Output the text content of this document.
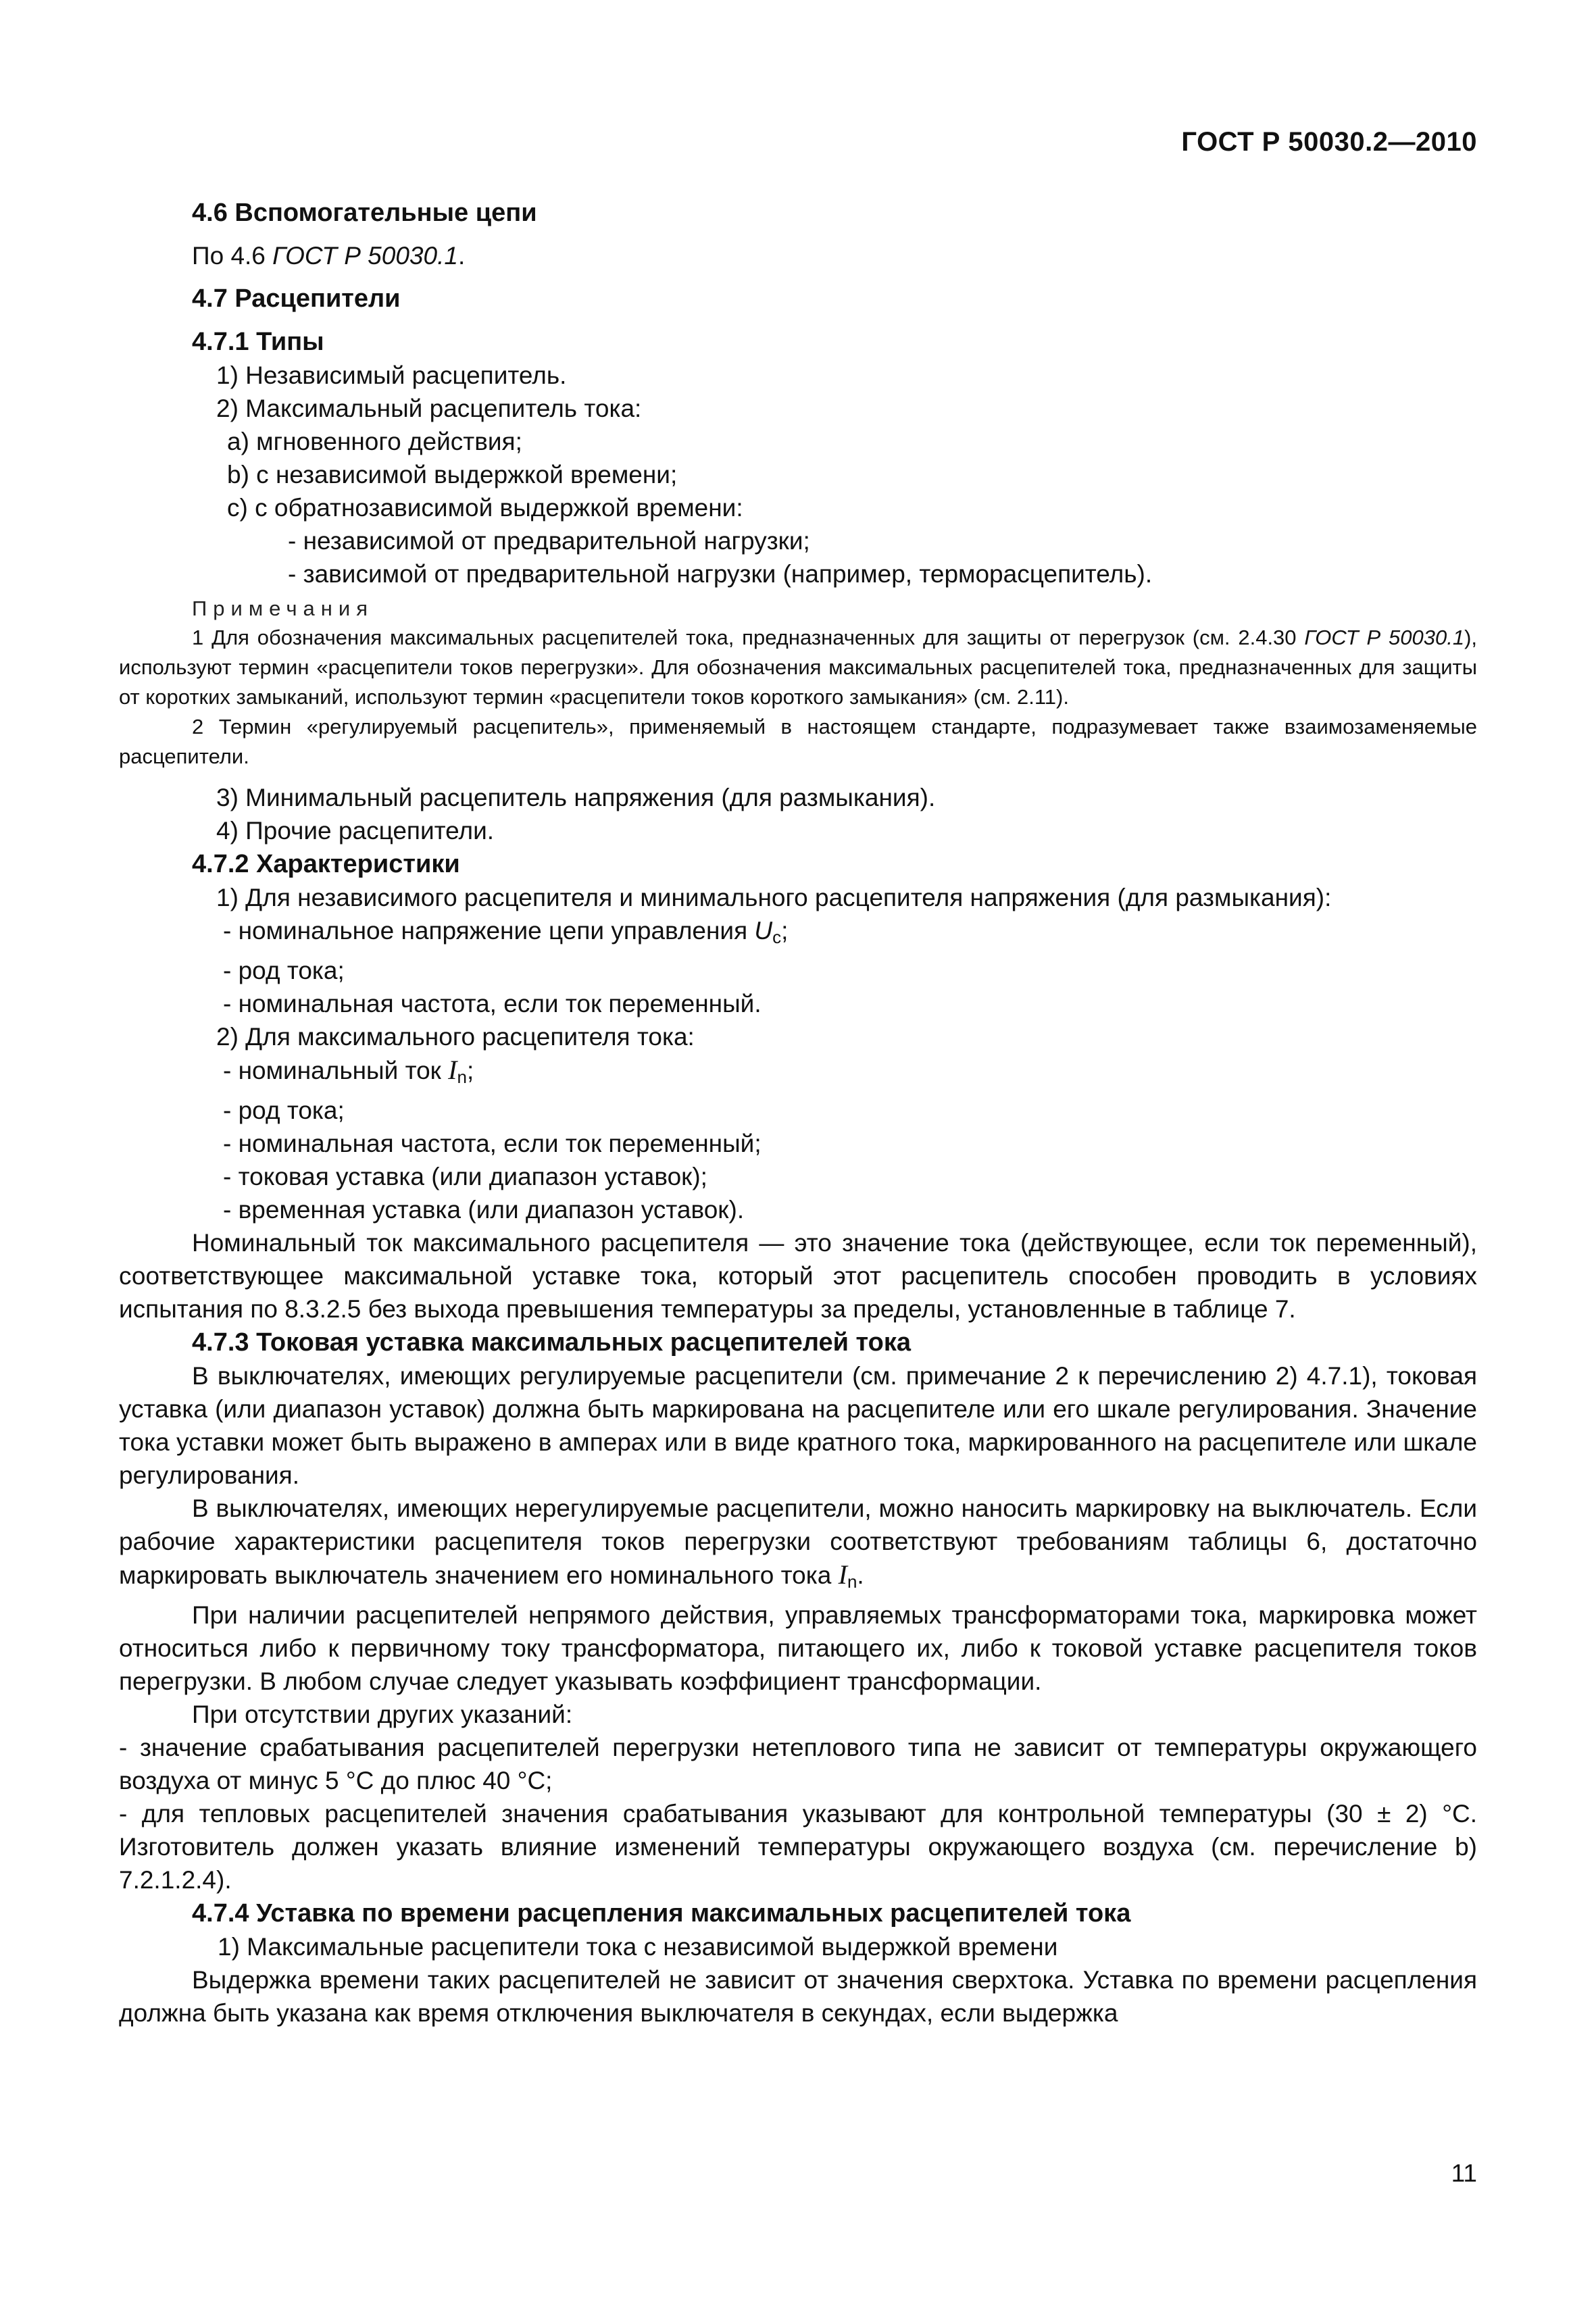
ГОСТ Р 50030.2—2010

4.6 Вспомогательные цепи

По 4.6 ГОСТ Р 50030.1.

4.7 Расцепители

4.7.1 Типы

1) Независимый расцепитель.

2) Максимальный расцепитель тока:

a) мгновенного действия;

b) с независимой выдержкой времени;

c) с обратнозависимой выдержкой времени:

- независимой от предварительной нагрузки;

- зависимой от предварительной нагрузки (например, терморасцепитель).

Примечания

1 Для обозначения максимальных расцепителей тока, предназначенных для защиты от перегрузок (см. 2.4.30 ГОСТ Р 50030.1), используют термин «расцепители токов перегрузки». Для обозначения максимальных расцепителей тока, предназначенных для защиты от коротких замыканий, используют термин «расцепители токов короткого замыкания» (см. 2.11).

2 Термин «регулируемый расцепитель», применяемый в настоящем стандарте, подразумевает также взаимозаменяемые расцепители.

3) Минимальный расцепитель напряжения (для размыкания).

4) Прочие расцепители.

4.7.2 Характеристики

1) Для независимого расцепителя и минимального расцепителя напряжения (для размыкания):

- номинальное напряжение цепи управления $U_c$;

- род тока;

- номинальная частота, если ток переменный.

2) Для максимального расцепителя тока:

- номинальный ток $I_n$;

- род тока;

- номинальная частота, если ток переменный;

- токовая уставка (или диапазон уставок);

- временная уставка (или диапазон уставок).

Номинальный ток максимального расцепителя — это значение тока (действующее, если ток переменный), соответствующее максимальной уставке тока, который этот расцепитель способен проводить в условиях испытания по 8.3.2.5 без выхода превышения температуры за пределы, установленные в таблице 7.

4.7.3 Токовая уставка максимальных расцепителей тока

В выключателях, имеющих регулируемые расцепители (см. примечание 2 к перечислению 2) 4.7.1), токовая уставка (или диапазон уставок) должна быть маркирована на расцепителе или его шкале регулирования. Значение тока уставки может быть выражено в амперах или в виде кратного тока, маркированного на расцепителе или шкале регулирования.

В выключателях, имеющих нерегулируемые расцепители, можно наносить маркировку на выключатель. Если рабочие характеристики расцепителя токов перегрузки соответствуют требованиям таблицы 6, достаточно маркировать выключатель значением его номинального тока $I_n$.

При наличии расцепителей непрямого действия, управляемых трансформаторами тока, маркировка может относиться либо к первичному току трансформатора, питающего их, либо к токовой уставке расцепителя токов перегрузки. В любом случае следует указывать коэффициент трансформации.

При отсутствии других указаний:

- значение срабатывания расцепителей перегрузки нетеплового типа не зависит от температуры окружающего воздуха от минус 5 °С до плюс 40 °С;

- для тепловых расцепителей значения срабатывания указывают для контрольной температуры (30 ± 2) °С. Изготовитель должен указать влияние изменений температуры окружающего воздуха (см. перечисление b) 7.2.1.2.4).

4.7.4 Уставка по времени расцепления максимальных расцепителей тока

1) Максимальные расцепители тока с независимой выдержкой времени

Выдержка времени таких расцепителей не зависит от значения сверхтока. Уставка по времени расцепления должна быть указана как время отключения выключателя в секундах, если выдержка

11
